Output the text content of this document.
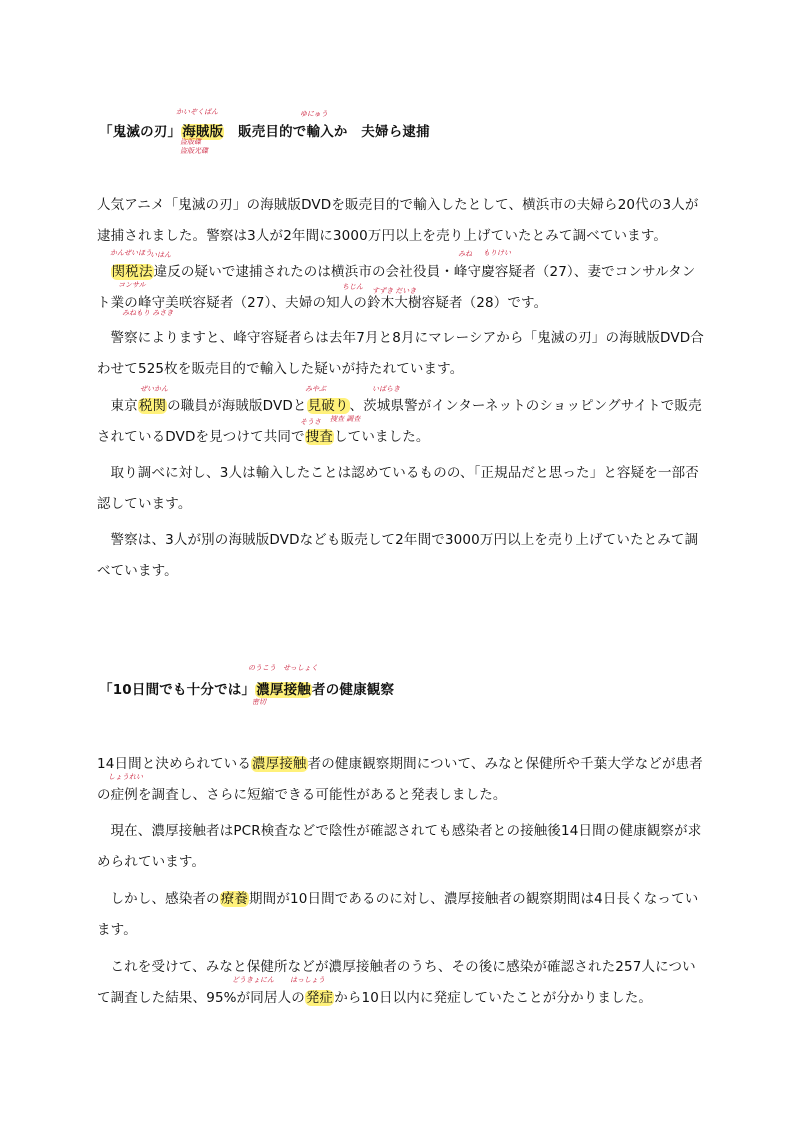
「鬼滅の刃」海賊版　販売目的で輸入か　夫婦ら逮捕
かいぞくばん
盗版碟
盗版光碟
ゆにゅう

人気アニメ「鬼滅の刃」の海賊版DVDを販売目的で輸入したとして、横浜市の夫婦ら20代の3人が逮捕されました。警察は3人が2年間に3000万円以上を売り上げていたとみて調べています。

　関税法違反の疑いで逮捕されたのは横浜市の会社役員・峰守慶容疑者（27）、妻でコンサルタント業の峰守美咲容疑者（27）、夫婦の知人の鈴木大樹容疑者（28）です。

かんぜいほう
いはん	みね もりけい
コンサル
みねもり みさき
ちじん すずき だいき

警察によりますと、峰守容疑者らは去年7月と8月にマレーシアから「鬼滅の刃」の海賊版DVD合わせて525枚を販売目的で輸入した疑いが持たれています。

東京税関の職員が海賊版DVDと見破り、茨城県警がインターネットのショッピングサイトで販売されているDVDを見つけて共同で捜査していました。

ぜいかん	みやぶ	いばらき
そうさ 捜查 調查

取り調べに対し、3人は輸入したことは認めているものの、「正規品だと思った」と容疑を一部否認しています。

警察は、3人が別の海賊版DVDなども販売して2年間で3000万円以上を売り上げていたとみて調べています。

「10日間でも十分では」濃厚接触者の健康観察
のうこう せっしょく
密切

14日間と決められている濃厚接触者の健康観察期間について、みなと保健所や千葉大学などが患者の症例を調査し、さらに短縮できる可能性があると発表しました。

しょうれい

現在、濃厚接触者はPCR検査などで陰性が確認されても感染者との接触後14日間の健康観察が求められています。

しかし、感染者の療養期間が10日間であるのに対し、濃厚接触者の観察期間は4日長くなっています。

これを受けて、みなと保健所などが濃厚接触者のうち、その後に感染が確認された257人について調査した結果、95%が同居人の発症から10日以内に発症していたことが分かりました。

どうきょにん はっしょう
